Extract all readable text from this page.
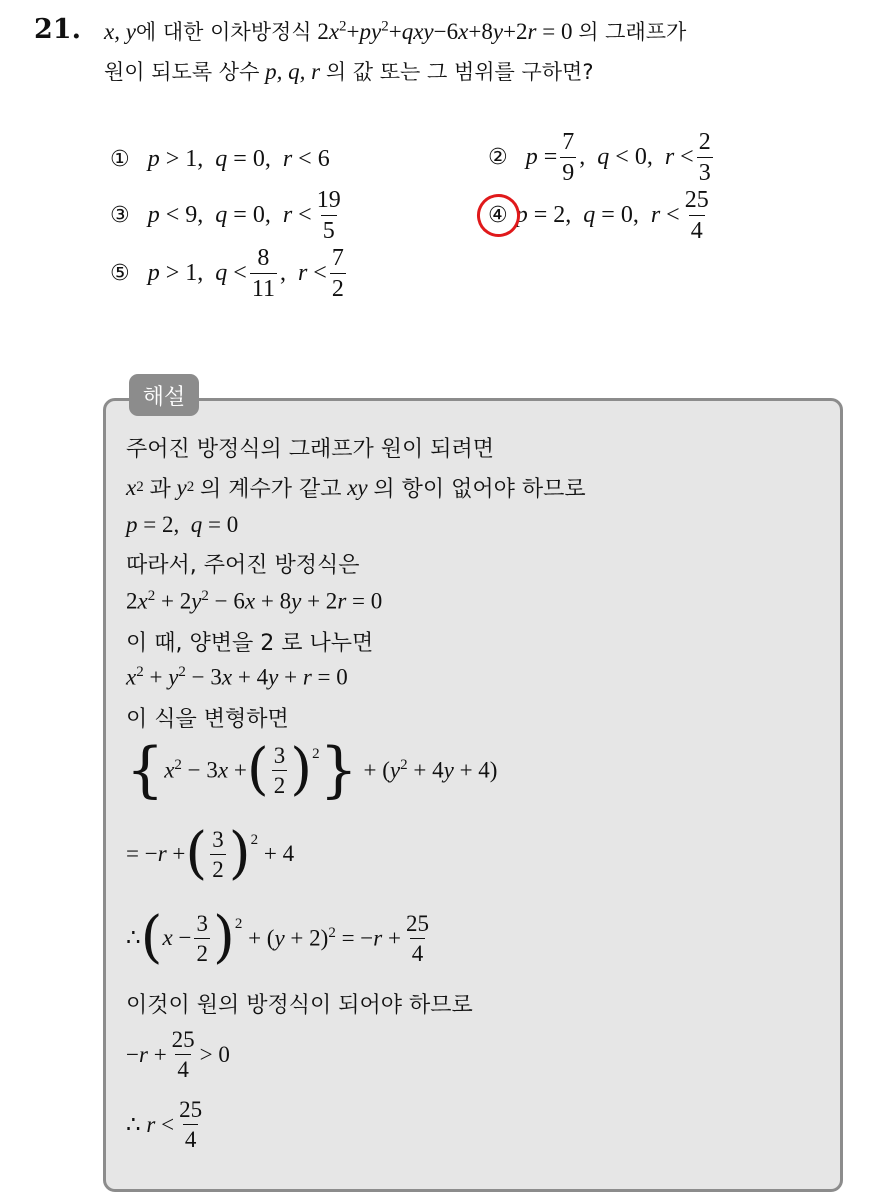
21. x, y에 대한 이차방정식 $2x^2+py^2+qxy-6x+8y+2r = 0$ 의 그래프가
원이 되도록 상수 p, q, r 의 값 또는 그 범위를 구하면?
① p > 1,  q = 0,  r < 6	② $p = \frac{7}{9}$ ,  q < 0,  $r < \frac{2}{3}$
③ p < 9,  q = 0,  $r < \frac{19}{5}$	④ p = 2,  q = 0,  $r < \frac{25}{4}$
⑤ p > 1,  $q < \frac{8}{11}$ ,  $r < \frac{7}{2}$
해설
주어진 방정식의 그래프가 원이 되려면
x 2
과
y 2
의 계수가 같고
xy
의 항이 없어야 하므로
p = 2,  q = 0
따라서, 주어진 방정식은
$2x^2 + 2y^2 - 6x + 8y + 2r = 0$
이 때, 양변을 2 로 나누면
$x^2 + y^2 - 3x + 4y + r = 0$
이 식을 변형하면
{ $x^2 - 3x$ + ( $\frac{3}{2} )^2$ } + $(y^2 + 4y + 4)$
= −r + ( $\frac{3}{2} )^2$
+ 4
∴ ( $x - \frac{3}{2} )^2$
+ $(y + 2)^2 = -r + \frac{25}{4}$
이것이 원의 방정식이 되어야 하므로
$-r + \frac{25}{4} > 0$
∴ $r < \frac{25}{4}$
